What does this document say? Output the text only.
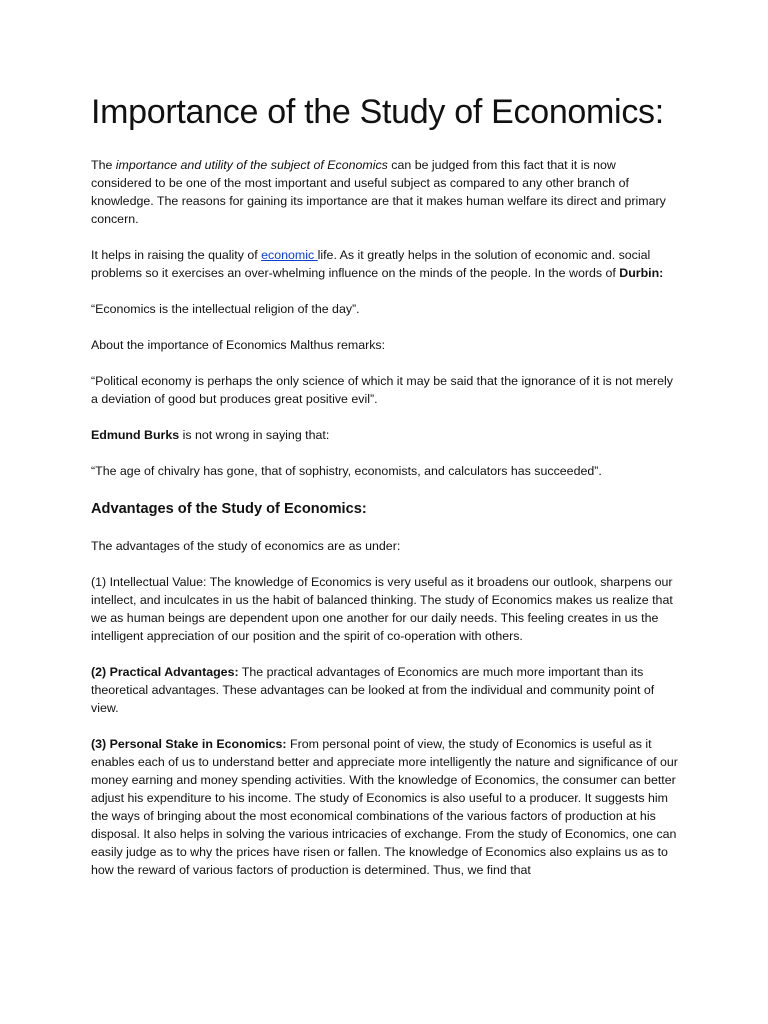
Importance of the Study of Economics:

The importance and utility of the subject of Economics can be judged from this fact that it is now considered to be one of the most important and useful subject as compared to any other branch of knowledge. The reasons for gaining its importance are that it makes human welfare its direct and primary concern.

It helps in raising the quality of economic life. As it greatly helps in the solution of economic and. social problems so it exercises an over-whelming influence on the minds of the people. In the words of Durbin:

“Economics is the intellectual religion of the day”.

About the importance of Economics Malthus remarks:

“Political economy is perhaps the only science of which it may be said that the ignorance of it is not merely a deviation of good but produces great positive evil”.

Edmund Burks is not wrong in saying that:

“The age of chivalry has gone, that of sophistry, economists, and calculators has succeeded”.

Advantages of the Study of Economics:

The advantages of the study of economics are as under:

(1) Intellectual Value: The knowledge of Economics is very useful as it broadens our outlook, sharpens our intellect, and inculcates in us the habit of balanced thinking. The study of Economics makes us realize that we as human beings are dependent upon one another for our daily needs. This feeling creates in us the intelligent appreciation of our position and the spirit of co-operation with others.

(2) Practical Advantages: The practical advantages of Economics are much more important than its theoretical advantages. These advantages can be looked at from the individual and community point of view.

(3) Personal Stake in Economics: From personal point of view, the study of Economics is useful as it enables each of us to understand better and appreciate more intelligently the nature and significance of our money earning and money spending activities. With the knowledge of Economics, the consumer can better adjust his expenditure to his income. The study of Economics is also useful to a producer. It suggests him the ways of bringing about the most economical combinations of the various factors of production at his disposal. It also helps in solving the various intricacies of exchange. From the study of Economics, one can easily judge as to why the prices have risen or fallen. The knowledge of Economics also explains us as to how the reward of various factors of production is determined. Thus, we find that
